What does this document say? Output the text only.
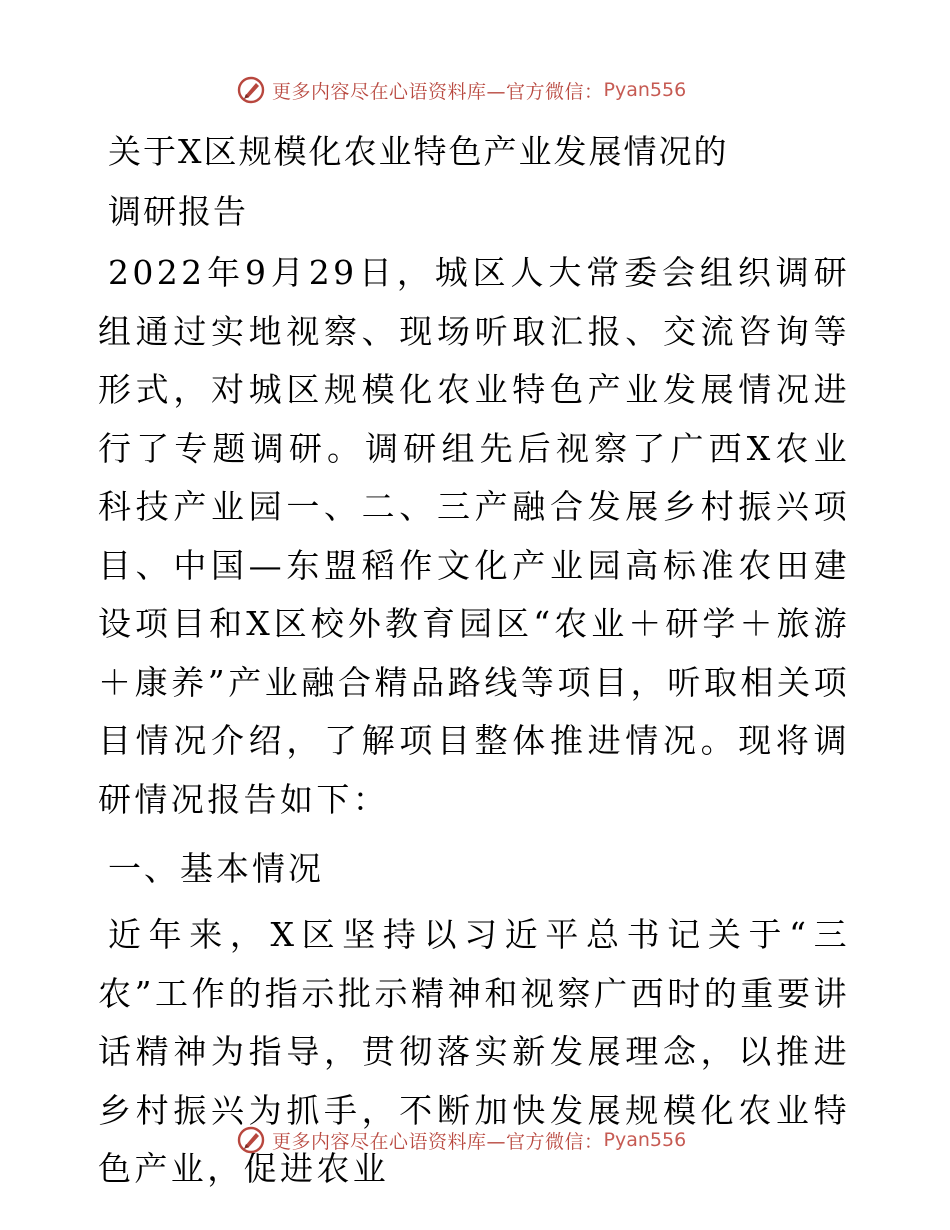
更多内容尽在心语资料库—官方微信： Pyan556
关于X区规模化农业特色产业发展情况的
调研报告
2022年9月29日，城区人大常委会组织调研组通过实地视察、现场听取汇报、交流咨询等形式，对城区规模化农业特色产业发展情况进行了专题调研。调研组先后视察了广西X农业科技产业园一、二、三产融合发展乡村振兴项目、中国—东盟稻作文化产业园高标准农田建设项目和X区校外教育园区“农业＋研学＋旅游＋康养”产业融合精品路线等项目，听取相关项目情况介绍，了解项目整体推进情况。现将调研情况报告如下：
一、基本情况
近年来，X区坚持以习近平总书记关于“三农”工作的指示批示精神和视察广西时的重要讲话精神为指导，贯彻落实新发展理念，以推进乡村振兴为抓手，不断加快发展规模化农业特色产业，促进农业
更多内容尽在心语资料库—官方微信： Pyan556
